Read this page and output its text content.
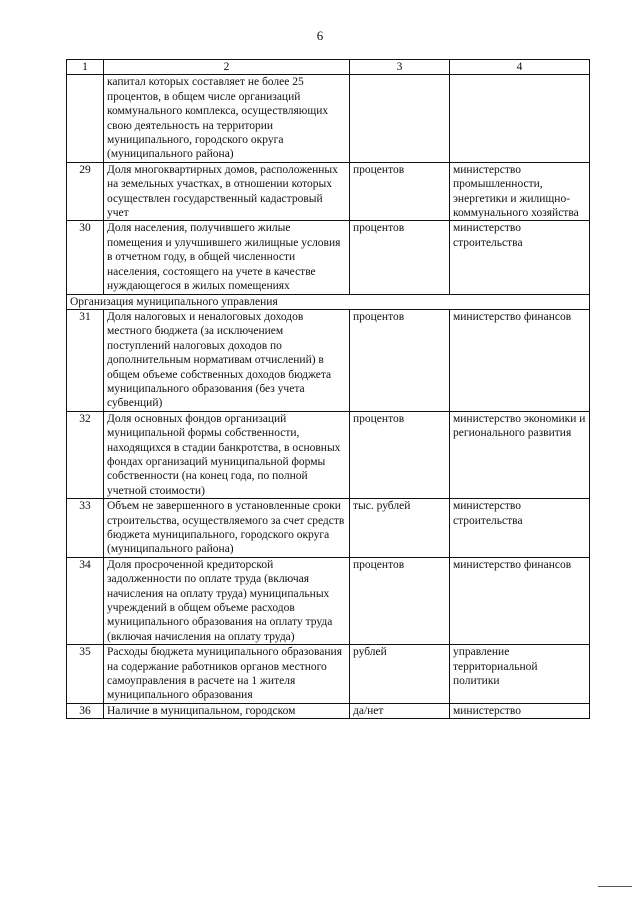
6
1	2	3	4
	капитал которых составляет не более 25 процентов, в общем числе организаций коммунального комплекса, осуществляющих свою деятельность на территории муниципального, городского округа (муниципального района)		
29	Доля многоквартирных домов, расположенных на земельных участках, в отношении которых осуществлен государственный кадастровый учет	процентов	министерство промышленности, энергетики и жилищно-коммунального хозяйства
30	Доля населения, получившего жилые помещения и улучшившего жилищные условия в отчетном году, в общей численности населения, состоящего на учете в качестве нуждающегося в жилых помещениях	процентов	министерство строительства
Организация муниципального управления			
31	Доля налоговых и неналоговых доходов местного бюджета (за исключением поступлений налоговых доходов по дополнительным нормативам отчислений) в общем объеме собственных доходов бюджета муниципального образования (без учета субвенций)	процентов	министерство финансов
32	Доля основных фондов организаций муниципальной формы собственности, находящихся в стадии банкротства, в основных фондах организаций муниципальной формы собственности (на конец года, по полной учетной стоимости)	процентов	министерство экономики и регионального развития
33	Объем не завершенного в установленные сроки строительства, осуществляемого за счет средств бюджета муниципального, городского округа (муниципального района)	тыс. рублей	министерство строительства
34	Доля просроченной кредиторской задолженности по оплате труда (включая начисления на оплату труда) муниципальных учреждений в общем объеме расходов муниципального образования на оплату труда (включая начисления на оплату труда)	процентов	министерство финансов
35	Расходы бюджета муниципального образования на содержание работников органов местного самоуправления в расчете на 1 жителя муниципального образования	рублей	управление территориальной политики
36	Наличие в муниципальном, городском	да/нет	министерство
